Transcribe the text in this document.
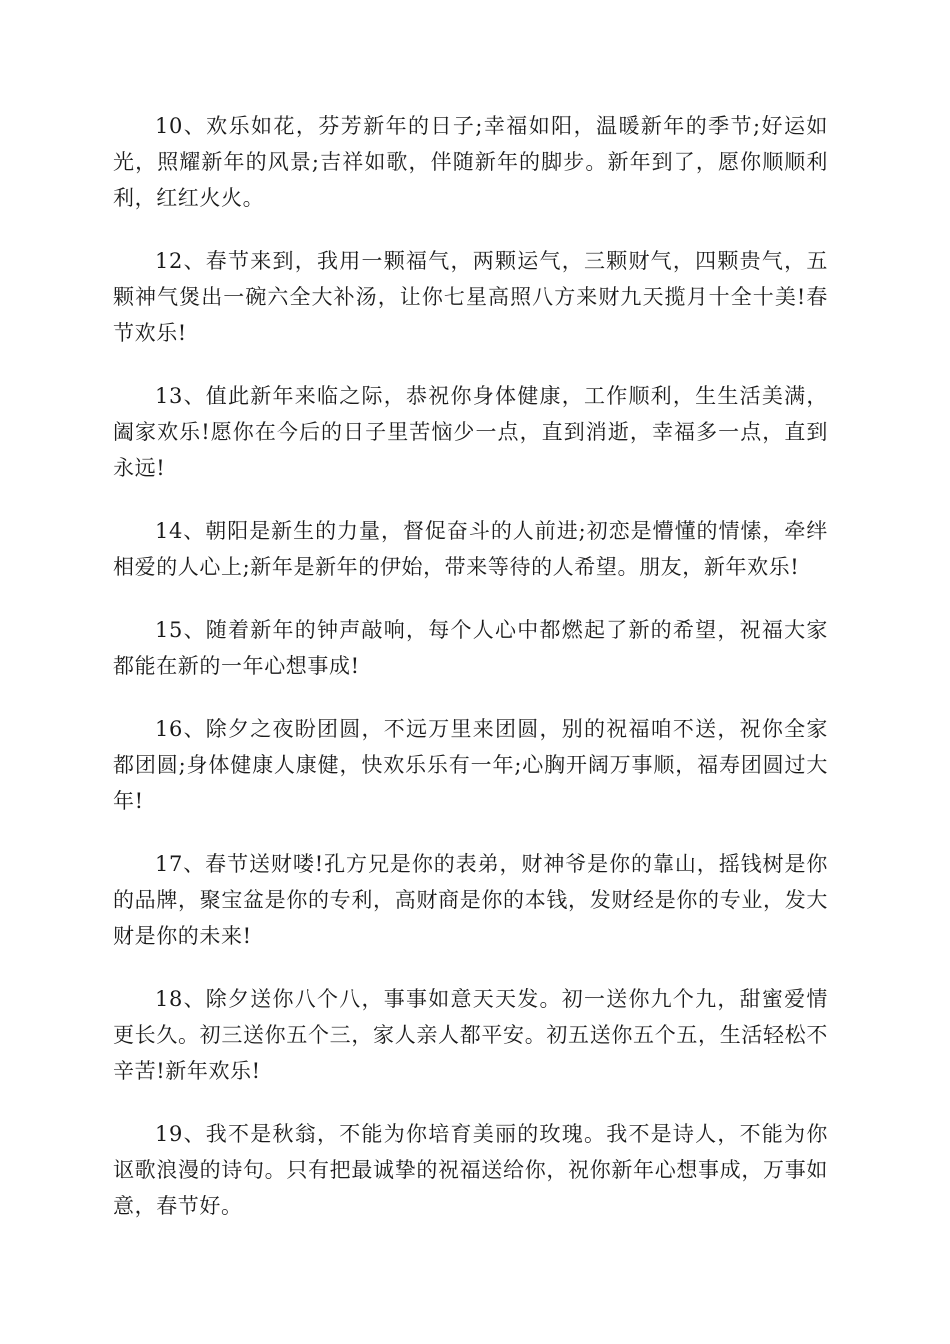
10、欢乐如花，芬芳新年的日子;幸福如阳，温暖新年的季节;好运如光，照耀新年的风景;吉祥如歌，伴随新年的脚步。新年到了，愿你顺顺利利，红红火火。

12、春节来到，我用一颗福气，两颗运气，三颗财气，四颗贵气，五颗神气煲出一碗六全大补汤，让你七星高照八方来财九天揽月十全十美!春节欢乐!

13、值此新年来临之际，恭祝你身体健康，工作顺利，生生活美满，阖家欢乐!愿你在今后的日子里苦恼少一点，直到消逝，幸福多一点，直到永远!

14、朝阳是新生的力量，督促奋斗的人前进;初恋是懵懂的情愫，牵绊相爱的人心上;新年是新年的伊始，带来等待的人希望。朋友，新年欢乐!

15、随着新年的钟声敲响，每个人心中都燃起了新的希望，祝福大家都能在新的一年心想事成!

16、除夕之夜盼团圆，不远万里来团圆，别的祝福咱不送，祝你全家都团圆;身体健康人康健，快欢乐乐有一年;心胸开阔万事顺，福寿团圆过大年!

17、春节送财喽!孔方兄是你的表弟，财神爷是你的靠山，摇钱树是你的品牌，聚宝盆是你的专利，高财商是你的本钱，发财经是你的专业，发大财是你的未来!

18、除夕送你八个八，事事如意天天发。初一送你九个九，甜蜜爱情更长久。初三送你五个三，家人亲人都平安。初五送你五个五，生活轻松不辛苦!新年欢乐!

19、我不是秋翁，不能为你培育美丽的玫瑰。我不是诗人，不能为你讴歌浪漫的诗句。只有把最诚挚的祝福送给你，祝你新年心想事成，万事如意，春节好。
